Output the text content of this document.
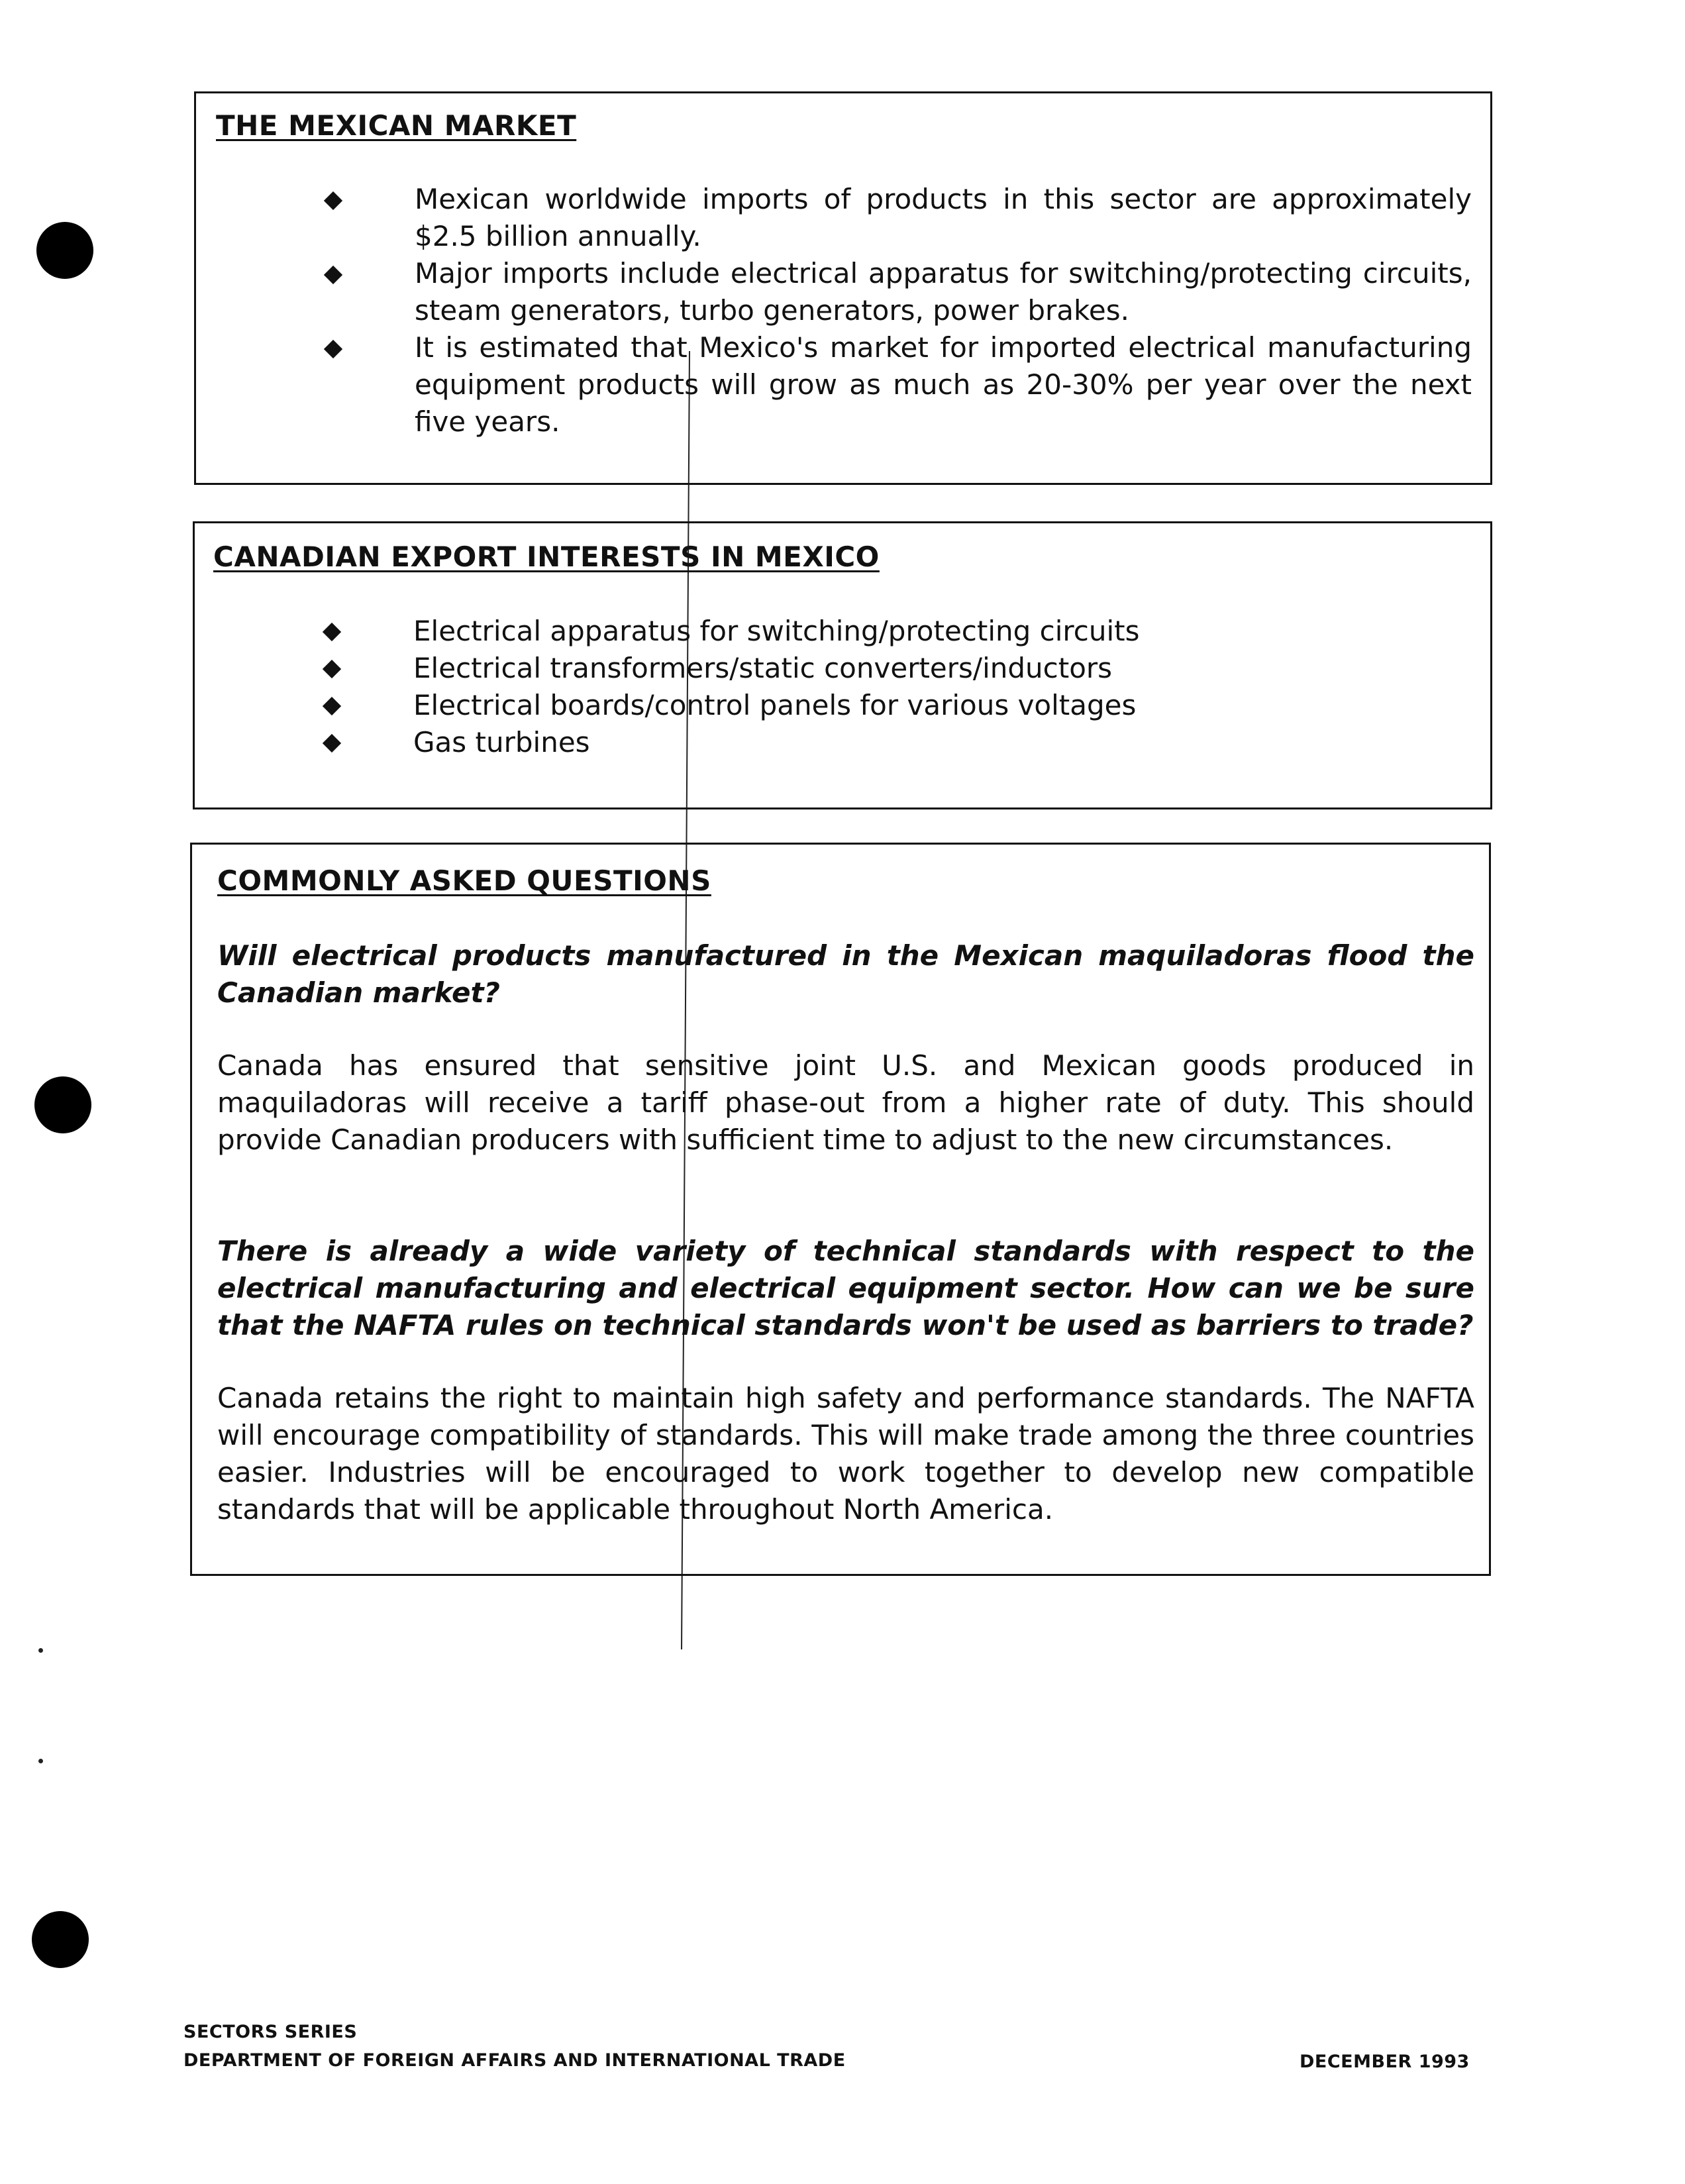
THE MEXICAN MARKET
Mexican worldwide imports of products in this sector are approximately $2.5 billion annually.
Major imports include electrical apparatus for switching/protecting circuits, steam generators, turbo generators, power brakes.
It is estimated that Mexico's market for imported electrical manufacturing equipment products will grow as much as 20-30% per year over the next five years.
CANADIAN EXPORT INTERESTS IN MEXICO
Electrical apparatus for switching/protecting circuits
Electrical transformers/static converters/inductors
Electrical boards/control panels for various voltages
Gas turbines
COMMONLY ASKED QUESTIONS
Will electrical products manufactured in the Mexican maquiladoras flood the Canadian market?
Canada has ensured that sensitive joint U.S. and Mexican goods produced in maquiladoras will receive a tariff phase-out from a higher rate of duty. This should provide Canadian producers with sufficient time to adjust to the new circumstances.
There is already a wide variety of technical standards with respect to the electrical manufacturing and electrical equipment sector. How can we be sure that the NAFTA rules on technical standards won't be used as barriers to trade?
Canada retains the right to maintain high safety and performance standards. The NAFTA will encourage compatibility of standards. This will make trade among the three countries easier. Industries will be encouraged to work together to develop new compatible standards that will be applicable throughout North America.
SECTORS SERIES
DEPARTMENT OF FOREIGN AFFAIRS AND INTERNATIONAL TRADE	DECEMBER 1993
